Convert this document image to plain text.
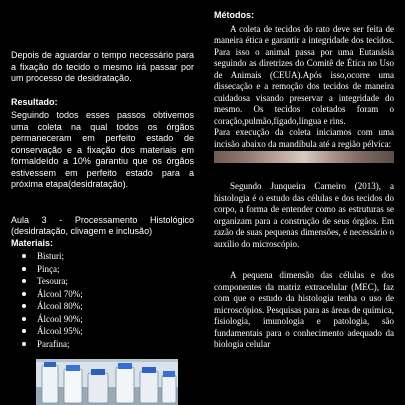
Depois de aguardar o tempo necessário para a fixação do tecido o mesmo irá passar por um processo de desidratação.

Resultado:

Seguindo todos esses passos obtivemos uma coleta na qual todos os órgãos permaneceram em perfeito estado de conservação e a fixação dos materiais em formaldeído a 10% garantiu que os órgãos estivessem em perfeito estado para a próxima etapa(desidratação).

Aula 3 - Processamento Histológico (desidratação, clivagem e inclusão)

Materiais:

Bisturi;
Pinça;
Tesoura;
Álcool 70%;
Álcool 80%;
Álcool 90%;
Álcool 95%;
Parafina;

Métodos:

A coleta de tecidos do rato deve ser feita de maneira ética e garantir a integridade dos tecidos. Para isso o animal passa por uma Eutanásia seguindo as diretrizes do Comitê de Ética no Uso de Animais (CEUA).Após isso,ocorre uma dissecação e a remoção dos tecidos de maneira cuidadosa visando preservar a integridade do mesmo. Os tecidos coletados foram o coração,pulmão,fígado,língua e rins.

Para execução da coleta iniciamos com uma incisão abaixo da mandíbula até a região pélvica:

Segundo Junqueira Carneiro (2013), a histologia é o estudo das células e dos tecidos do corpo, a forma de entender como as estruturas se organizam para a construção de seus órgãos. Em razão de suas pequenas dimensões, é necessário o auxílio do microscópio.

A pequena dimensão das células e dos componentes da matriz extracelular (MEC), faz com que o estudo da histologia tenha o uso de microscópios. Pesquisas para as áreas de química, fisiologia, imunologia e patologia, são fundamentais para o conhecimento adequado da biologia celular
